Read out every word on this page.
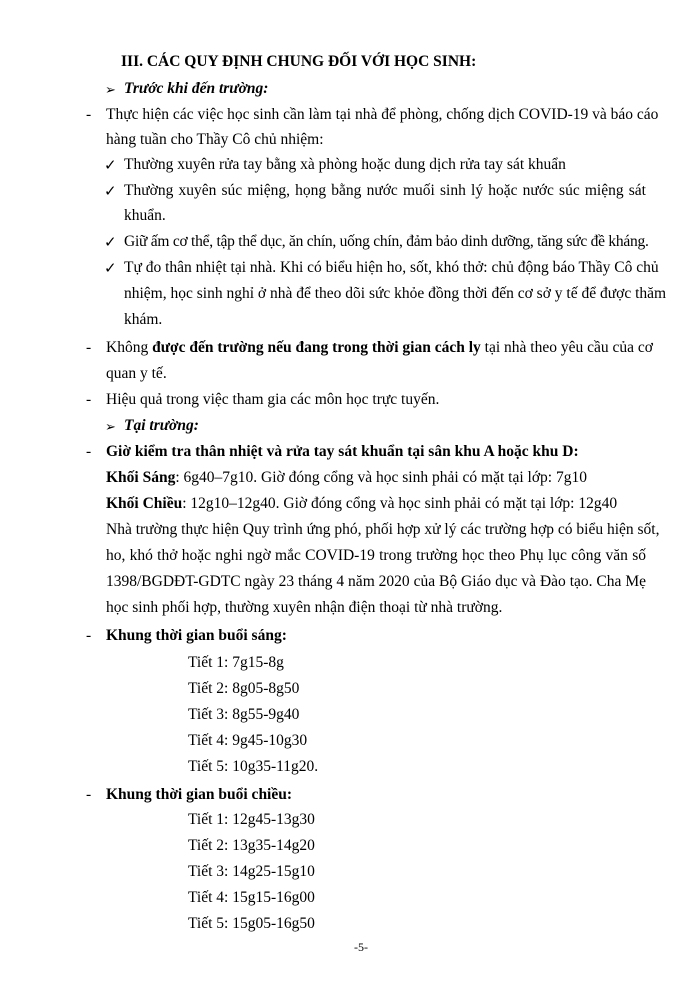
III. CÁC QUY ĐỊNH CHUNG ĐỐI VỚI HỌC SINH:
➢ Trước khi đến trường:
- Thực hiện các việc học sinh cần làm tại nhà để phòng, chống dịch COVID-19 và báo cáo
hàng tuần cho Thầy Cô chủ nhiệm:
✓ Thường xuyên rửa tay bằng xà phòng hoặc dung dịch rửa tay sát khuẩn
✓ Thường xuyên súc miệng, họng bằng nước muối sinh lý hoặc nước súc miệng sát
khuẩn.
✓ Giữ ấm cơ thể, tập thể dục, ăn chín, uống chín, đảm bảo dinh dưỡng, tăng sức đề kháng.
✓ Tự đo thân nhiệt tại nhà. Khi có biểu hiện ho, sốt, khó thở: chủ động báo Thầy Cô chủ
nhiệm, học sinh nghỉ ở nhà để theo dõi sức khỏe đồng thời đến cơ sở y tế để được thăm
khám.
- Không được đến trường nếu đang trong thời gian cách ly tại nhà theo yêu cầu của cơ
quan y tế.
- Hiệu quả trong việc tham gia các môn học trực tuyến.
➢ Tại trường:
- Giờ kiểm tra thân nhiệt và rửa tay sát khuẩn tại sân khu A hoặc khu D:
Khối Sáng: 6g40–7g10. Giờ đóng cổng và học sinh phải có mặt tại lớp: 7g10
Khối Chiều: 12g10–12g40. Giờ đóng cổng và học sinh phải có mặt tại lớp: 12g40
Nhà trường thực hiện Quy trình ứng phó, phối hợp xử lý các trường hợp có biểu hiện sốt,
ho, khó thở hoặc nghi ngờ mắc COVID-19 trong trường học theo Phụ lục công văn số
1398/BGDĐT-GDTC ngày 23 tháng 4 năm 2020 của Bộ Giáo dục và Đào tạo. Cha Mẹ
học sinh phối hợp, thường xuyên nhận điện thoại từ nhà trường.
- Khung thời gian buổi sáng:
Tiết 1: 7g15-8g
Tiết 2: 8g05-8g50
Tiết 3: 8g55-9g40
Tiết 4: 9g45-10g30
Tiết 5: 10g35-11g20.
- Khung thời gian buổi chiều:
Tiết 1: 12g45-13g30
Tiết 2: 13g35-14g20
Tiết 3: 14g25-15g10
Tiết 4: 15g15-16g00
Tiết 5: 15g05-16g50
-5-
